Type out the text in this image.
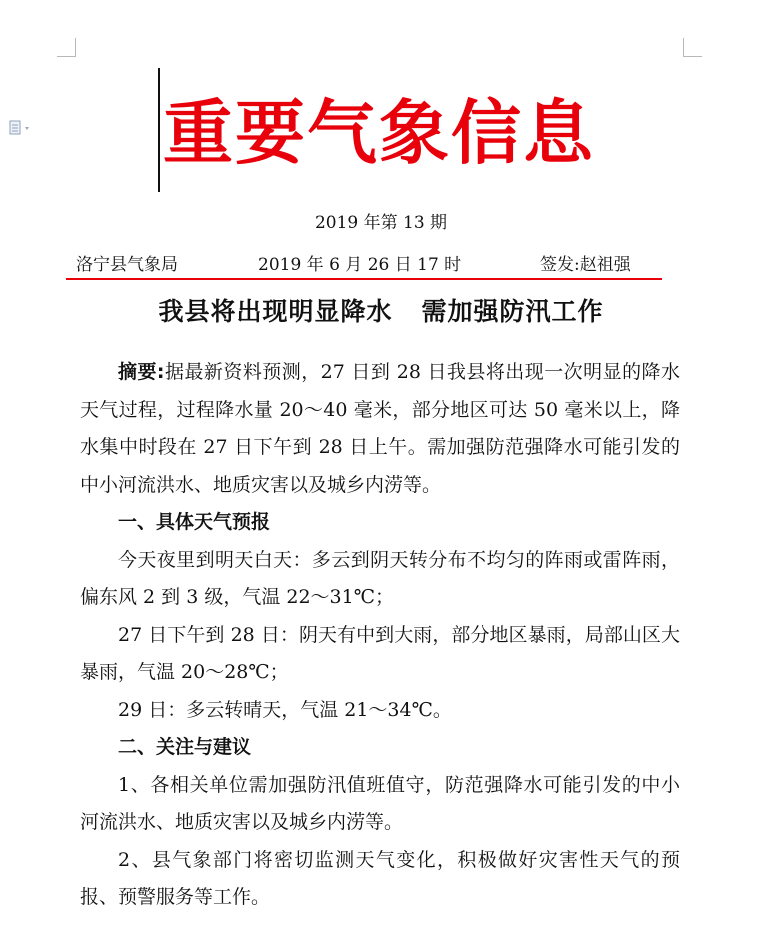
重要气象信息
2019 年第 13 期
洛宁县气象局	2019 年 6 月 26 日 17 时	签发:赵祖强
我县将出现明显降水   需加强防汛工作

摘要:据最新资料预测，27 日到 28 日我县将出现一次明显的降水天气过程，过程降水量 20～40 毫米，部分地区可达 50 毫米以上，降水集中时段在 27 日下午到 28 日上午。需加强防范强降水可能引发的中小河流洪水、地质灾害以及城乡内涝等。

一、具体天气预报

今天夜里到明天白天：多云到阴天转分布不均匀的阵雨或雷阵雨，偏东风 2 到 3 级，气温 22～31℃；

27 日下午到 28 日：阴天有中到大雨，部分地区暴雨，局部山区大暴雨，气温 20～28℃；

29 日：多云转晴天，气温 21～34℃。

二、关注与建议

1、各相关单位需加强防汛值班值守，防范强降水可能引发的中小河流洪水、地质灾害以及城乡内涝等。

2、县气象部门将密切监测天气变化，积极做好灾害性天气的预报、预警服务等工作。
